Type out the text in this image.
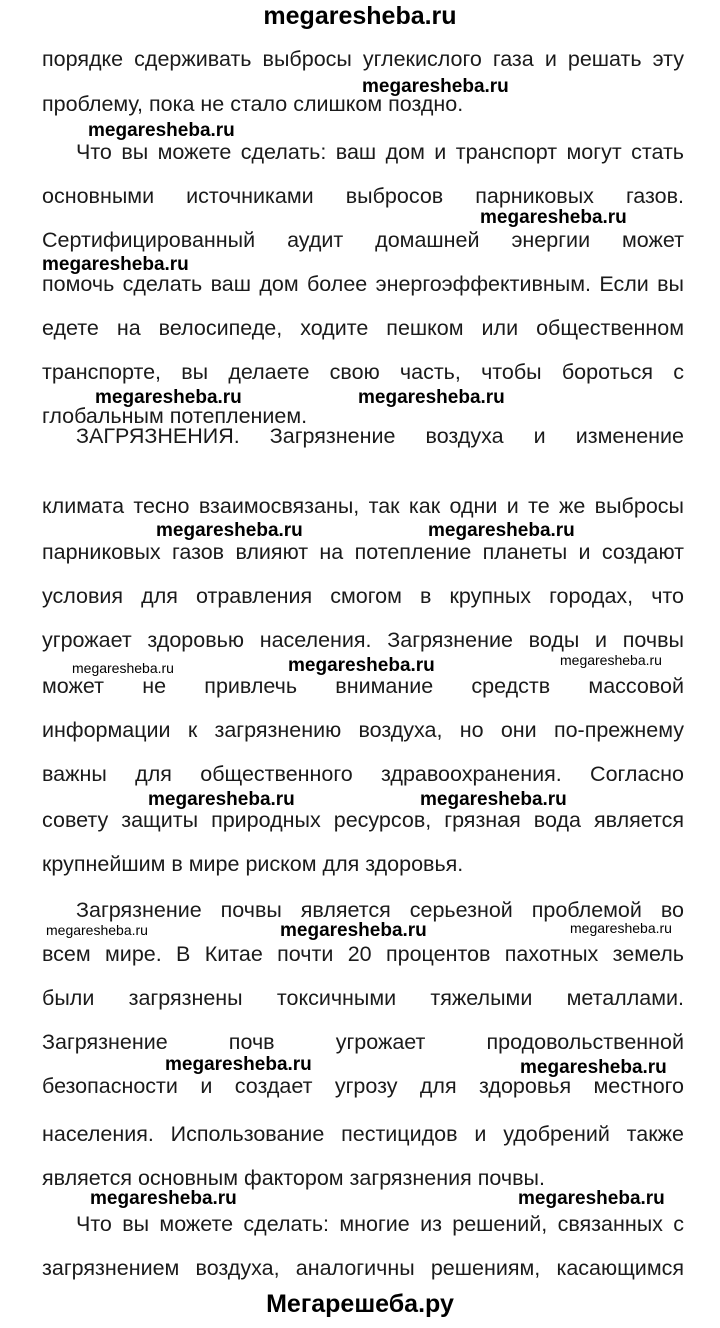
megaresheba.ru
порядке сдерживать выбросы углекислого газа и решать эту
проблему, пока не стало слишком поздно.
Что вы можете сделать: ваш дом и транспорт могут стать
основными источниками выбросов парниковых газов.
Сертифицированный аудит домашней энергии может
помочь сделать ваш дом более энергоэффективным. Если вы
едете на велосипеде, ходите пешком или общественном
транспорте, вы делаете свою часть, чтобы бороться с
глобальным потеплением.
ЗАГРЯЗНЕНИЯ. Загрязнение воздуха и изменение
климата тесно взаимосвязаны, так как одни и те же выбросы
парниковых газов влияют на потепление планеты и создают
условия для отравления смогом в крупных городах, что
угрожает здоровью населения. Загрязнение воды и почвы
может не привлечь внимание средств массовой
информации к загрязнению воздуха, но они по-прежнему
важны для общественного здравоохранения. Согласно
совету защиты природных ресурсов, грязная вода является
крупнейшим в мире риском для здоровья.
Загрязнение почвы является серьезной проблемой во
всем мире. В Китае почти 20 процентов пахотных земель
были загрязнены токсичными тяжелыми металлами.
Загрязнение почв угрожает продовольственной
безопасности и создает угрозу для здоровья местного
населения. Использование пестицидов и удобрений также
является основным фактором загрязнения почвы.
Что вы можете сделать: многие из решений, связанных с
загрязнением воздуха, аналогичны решениям, касающимся
megaresheba.ru
megaresheba.ru
megaresheba.ru
megaresheba.ru
megaresheba.ru	megaresheba.ru
megaresheba.ru	megaresheba.ru
megaresheba.ru	megaresheba.ru	megaresheba.ru
megaresheba.ru	megaresheba.ru
megaresheba.ru	megaresheba.ru	megaresheba.ru
megaresheba.ru	megaresheba.ru
megaresheba.ru	megaresheba.ru
Мегарешеба.ру
